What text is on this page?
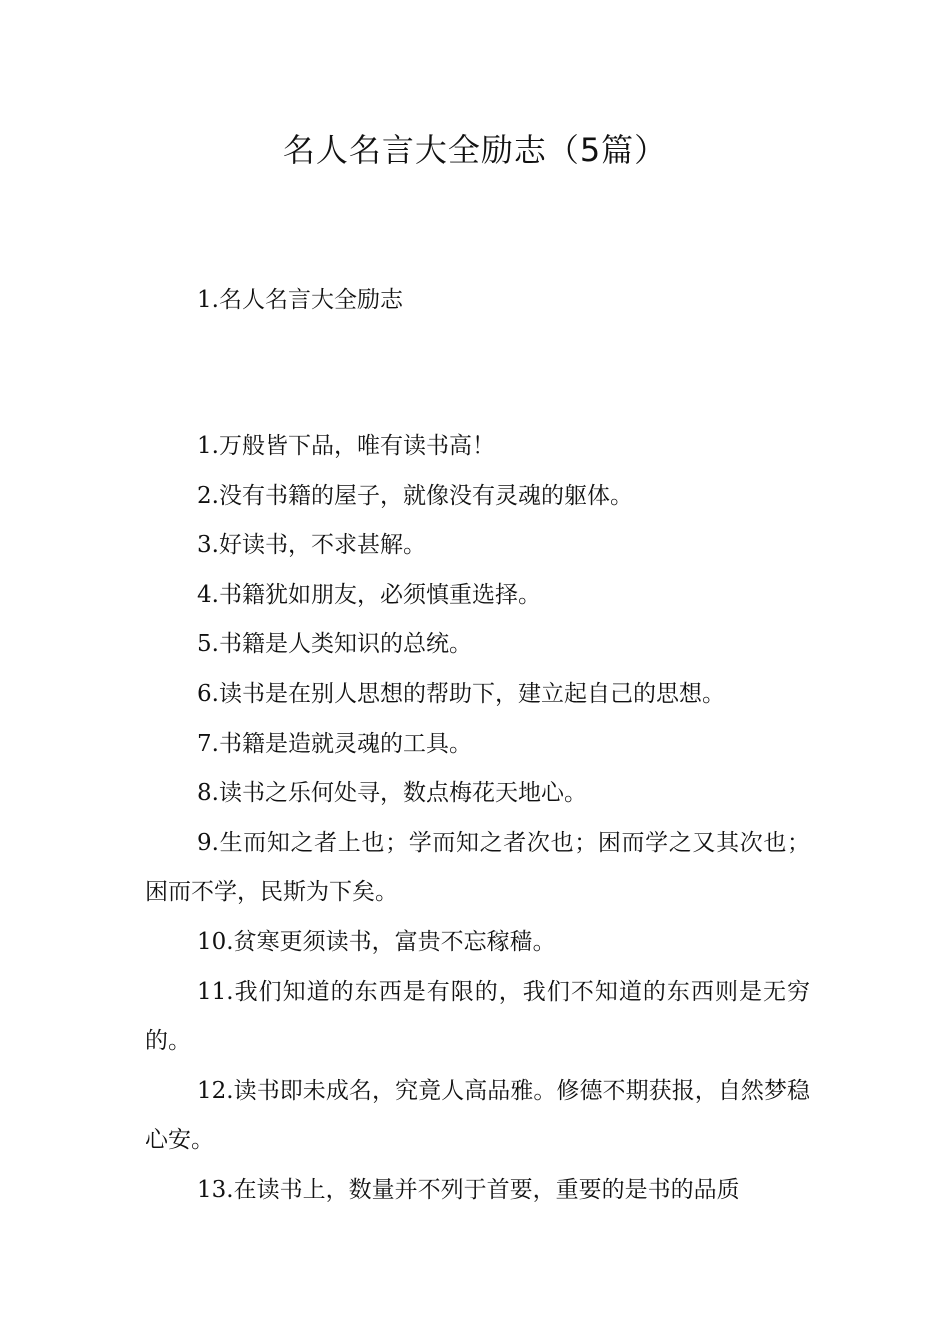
名人名言大全励志（5篇）

1.名人名言大全励志

1.万般皆下品，唯有读书高！

2.没有书籍的屋子，就像没有灵魂的躯体。

3.好读书，不求甚解。

4.书籍犹如朋友，必须慎重选择。

5.书籍是人类知识的总统。

6.读书是在别人思想的帮助下，建立起自己的思想。

7.书籍是造就灵魂的工具。

8.读书之乐何处寻，数点梅花天地心。

9.生而知之者上也；学而知之者次也；困而学之又其次也；困而不学，民斯为下矣。

10.贫寒更须读书，富贵不忘稼穑。

11.我们知道的东西是有限的，我们不知道的东西则是无穷的。

12.读书即未成名，究竟人高品雅。修德不期获报，自然梦稳心安。

13.在读书上，数量并不列于首要，重要的是书的品质
